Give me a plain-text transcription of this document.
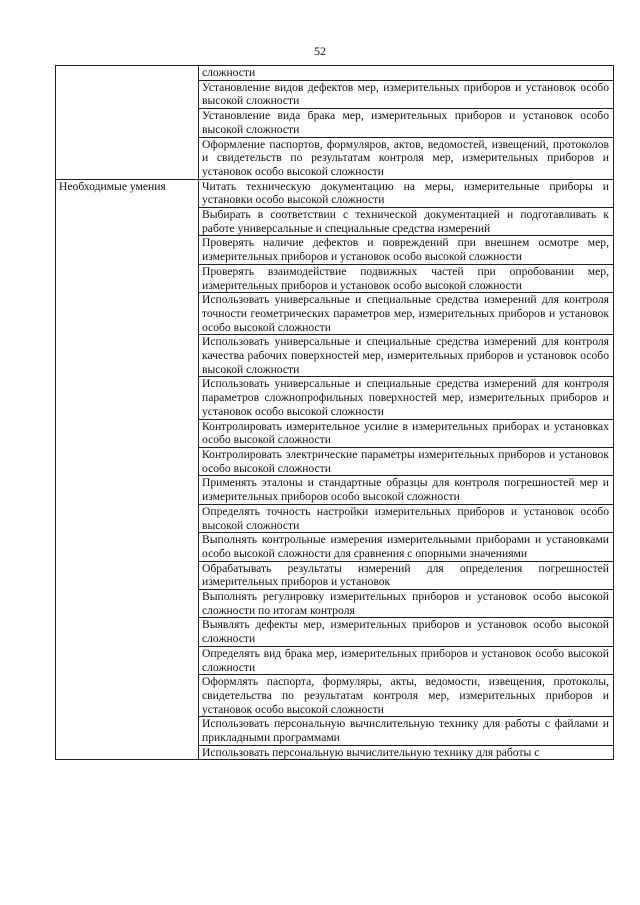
52
	сложности
	Установление видов дефектов мер, измерительных приборов и установок особо высокой сложности
	Установление вида брака мер, измерительных приборов и установок особо высокой сложности
	Оформление паспортов, формуляров, актов, ведомостей, извещений, протоколов и свидетельств по результатам контроля мер, измерительных приборов и установок особо высокой сложности
Необходимые умения	Читать техническую документацию на меры, измерительные приборы и установки особо высокой сложности
	Выбирать в соответствии с технической документацией и подготавливать к работе универсальные и специальные средства измерений
	Проверять наличие дефектов и повреждений при внешнем осмотре мер, измерительных приборов и установок особо высокой сложности
	Проверять взаимодействие подвижных частей при опробовании мер, измерительных приборов и установок особо высокой сложности
	Использовать универсальные и специальные средства измерений для контроля точности геометрических параметров мер, измерительных приборов и установок особо высокой сложности
	Использовать универсальные и специальные средства измерений для контроля качества рабочих поверхностей мер, измерительных приборов и установок особо высокой сложности
	Использовать универсальные и специальные средства измерений для контроля параметров сложнопрофильных поверхностей мер, измерительных приборов и установок особо высокой сложности
	Контролировать измерительное усилие в измерительных приборах и установках особо высокой сложности
	Контролировать электрические параметры измерительных приборов и установок особо высокой сложности
	Применять эталоны и стандартные образцы для контроля погрешностей мер и измерительных приборов особо высокой сложности
	Определять точность настройки измерительных приборов и установок особо высокой сложности
	Выполнять контрольные измерения измерительными приборами и установками особо высокой сложности для сравнения с опорными значениями
	Обрабатывать результаты измерений для определения погрешностей измерительных приборов и установок
	Выполнять регулировку измерительных приборов и установок особо высокой сложности по итогам контроля
	Выявлять дефекты мер, измерительных приборов и установок особо высокой сложности
	Определять вид брака мер, измерительных приборов и установок особо высокой сложности
	Оформлять паспорта, формуляры, акты, ведомости, извещения, протоколы, свидетельства по результатам контроля мер, измерительных приборов и установок особо высокой сложности
	Использовать персональную вычислительную технику для работы с файлами и прикладными программами
	Использовать персональную вычислительную технику для работы с
